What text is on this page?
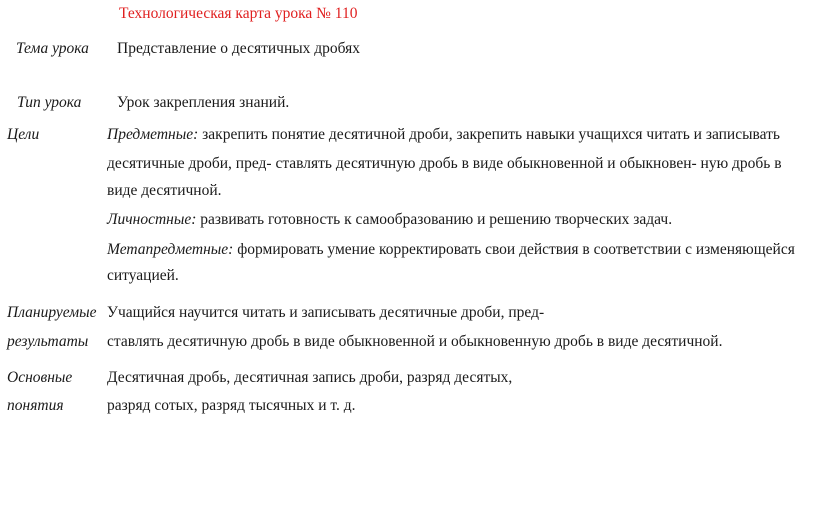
Технологическая карта урока № 110
Тема урока Представление о десятичных дробях
Тип урока Урок закрепления знаний.
Цели	Предметные: закрепить понятие десятичной дроби, закрепить навыки учащихся читать и записывать
десятичные дроби, пред- ставлять десятичную дробь в виде обыкновенной и обыкновен- ную дробь в
виде десятичной.
Личностные: развивать готовность к самообразованию и решению творческих задач.
Метапредметные: формировать умение корректировать свои действия в соответствии с изменяющейся
ситуацией.
Планируемые
результаты
Учащийся научится читать и записывать десятичные дроби, пред-
ставлять десятичную дробь в виде обыкновенной и обыкновенную дробь в виде десятичной.
Основные
понятия
Десятичная дробь, десятичная запись дроби, разряд десятых,
разряд сотых, разряд тысячных и т. д.
